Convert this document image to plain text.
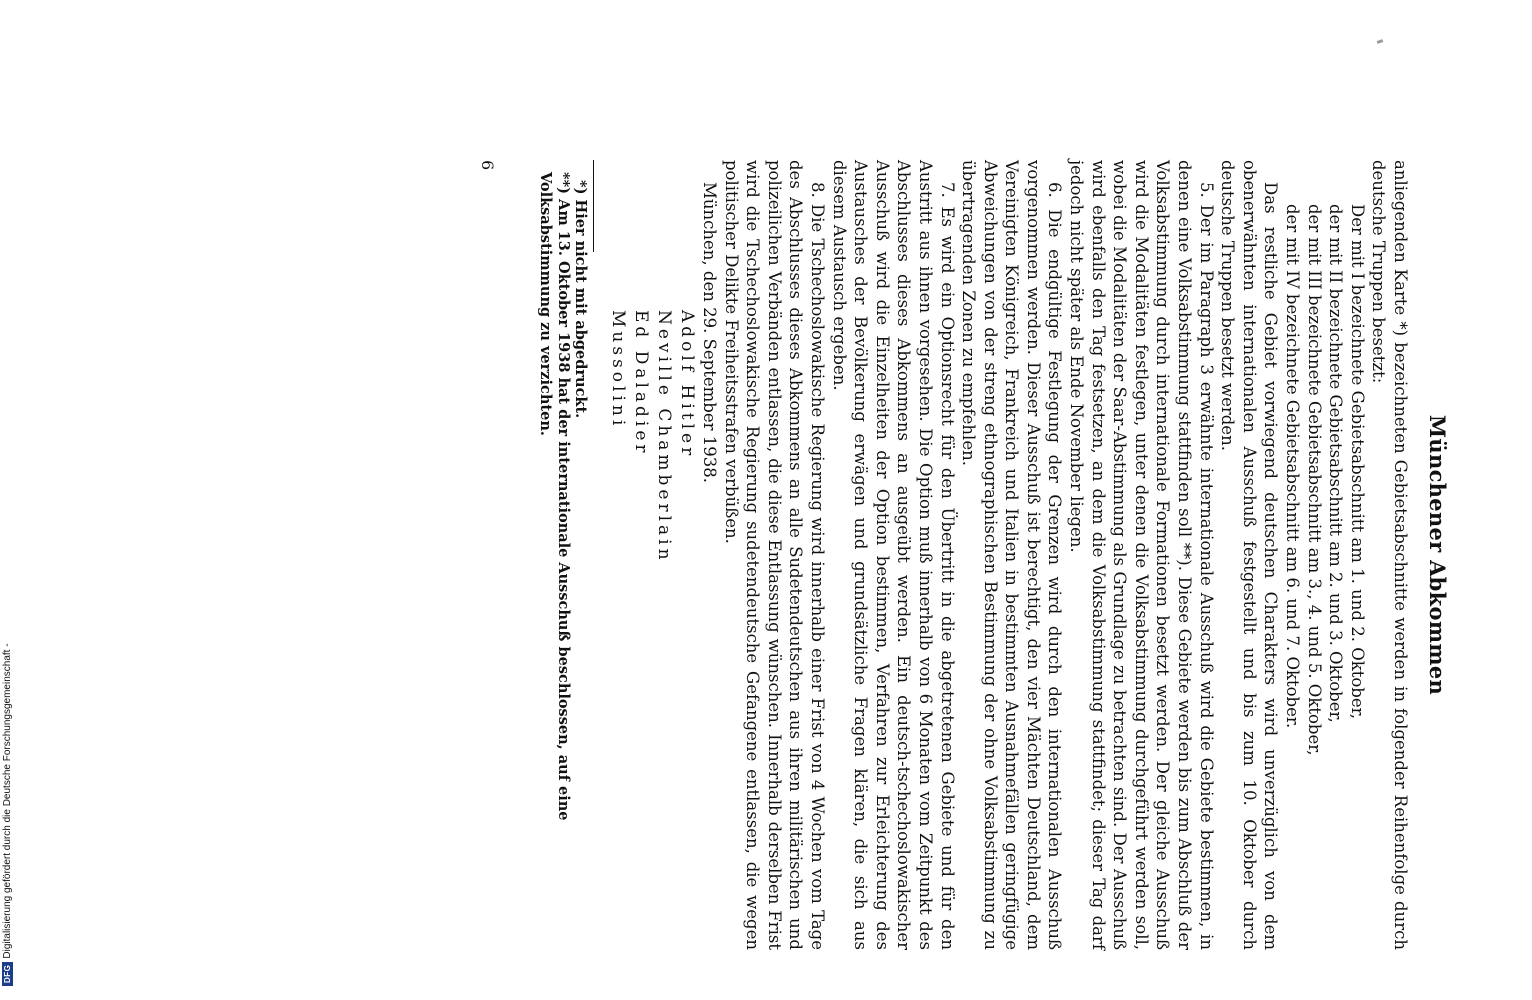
DFG
Digitalisierung gefördert durch die Deutsche Forschungsgemeinschaft -
Münchener Abkommen

anliegenden Karte *) bezeichneten Gebietsabschnitte werden in folgender Reihenfolge durch deutsche Truppen besetzt:

Der mit I bezeichnete Gebietsabschnitt am 1. und 2. Oktober,

der mit II bezeichnete Gebietsabschnitt am 2. und 3. Oktober,

der mit III bezeichnete Gebietsabschnitt am 3., 4. und 5. Oktober,

der mit IV bezeichnete Gebietsabschnitt am 6. und 7. Oktober.

Das restliche Gebiet vorwiegend deutschen Charakters wird unverzüglich von dem obenerwähnten internationalen Ausschuß festgestellt und bis zum 10. Oktober durch deutsche Truppen besetzt werden.

5. Der im Paragraph 3 erwähnte internationale Ausschuß wird die Gebiete bestimmen, in denen eine Volksabstimmung stattfinden soll **). Diese Gebiete werden bis zum Abschluß der Volksabstimmung durch internationale Formationen besetzt werden. Der gleiche Ausschuß wird die Modalitäten festlegen, unter denen die Volksabstimmung durchgeführt werden soll, wobei die Modalitäten der Saar-Abstimmung als Grundlage zu betrachten sind. Der Ausschuß wird ebenfalls den Tag festsetzen, an dem die Volksabstimmung stattfindet; dieser Tag darf jedoch nicht später als Ende November liegen.

6. Die endgültige Festlegung der Grenzen wird durch den internationalen Ausschuß vorgenommen werden. Dieser Ausschuß ist berechtigt, den vier Mächten Deutschland, dem Vereinigten Königreich, Frankreich und Italien in bestimmten Ausnahmefällen geringfügige Abweichungen von der streng ethnographischen Bestimmung der ohne Volksabstimmung zu übertragenden Zonen zu empfehlen.

7. Es wird ein Optionsrecht für den Übertritt in die abgetretenen Gebiete und für den Austritt aus ihnen vorgesehen. Die Option muß innerhalb von 6 Monaten vom Zeitpunkt des Abschlusses dieses Abkommens an ausgeübt werden. Ein deutsch-tschechoslowakischer Ausschuß wird die Einzelheiten der Option bestimmen, Verfahren zur Erleichterung des Austausches der Bevölkerung erwägen und grundsätzliche Fragen klären, die sich aus diesem Austausch ergeben.

8. Die Tschechoslowakische Regierung wird innerhalb einer Frist von 4 Wochen vom Tage des Abschlusses dieses Abkommens an alle Sudetendeutschen aus ihren militärischen und polizeilichen Verbänden entlassen, die diese Entlassung wünschen. Innerhalb derselben Frist wird die Tschechoslowakische Regierung sudetendeutsche Gefangene entlassen, die wegen politischer Delikte Freiheitsstrafen verbüßen.

München, den 29. September 1938.

Adolf Hitler
Neville Chamberlain
Ed Daladier
Mussolini

*) Hier nicht mit abgedruckt.

**) Am 13. Oktober 1938 hat der internationale Ausschuß beschlossen, auf eine Volksabstimmung zu verzichten.

6
